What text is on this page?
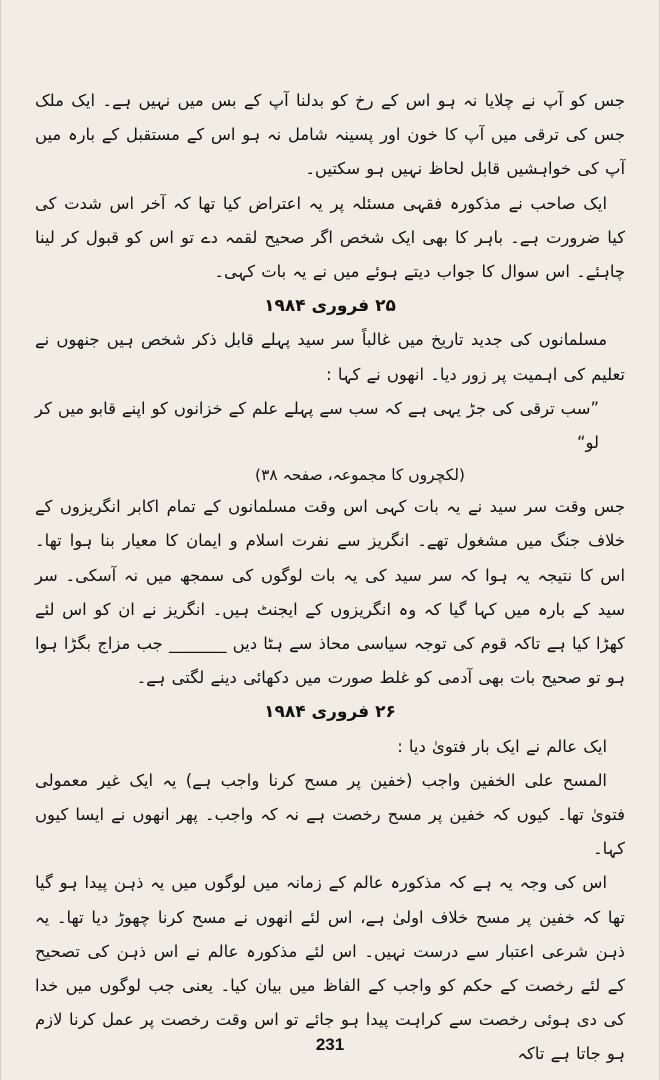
جس کو آپ نے چلایا نہ ہو اس کے رخ کو بدلنا آپ کے بس میں نہیں ہے۔ ایک ملک جس کی ترقی میں آپ کا خون اور پسینہ شامل نہ ہو اس کے مستقبل کے بارہ میں آپ کی خواہشیں قابل لحاظ نہیں ہو سکتیں۔

ایک صاحب نے مذکورہ فقہی مسئلہ پر یہ اعتراض کیا تھا کہ آخر اس شدت کی کیا ضرورت ہے۔ باہر کا بھی ایک شخص اگر صحیح لقمہ دے تو اس کو قبول کر لینا چاہئے۔ اس سوال کا جواب دیتے ہوئے میں نے یہ بات کہی۔

۲۵ فروری ۱۹۸۴

مسلمانوں کی جدید تاریخ میں غالباً سر سید پہلے قابل ذکر شخص ہیں جنھوں نے تعلیم کی اہمیت پر زور دیا۔ انھوں نے کہا :

”سب ترقی کی جڑ یہی ہے کہ سب سے پہلے علم کے خزانوں کو اپنے قابو میں کر لو“

(لکچروں کا مجموعہ، صفحہ ۳۸)

جس وقت سر سید نے یہ بات کہی اس وقت مسلمانوں کے تمام اکابر انگریزوں کے خلاف جنگ میں مشغول تھے۔ انگریز سے نفرت اسلام و ایمان کا معیار بنا ہوا تھا۔ اس کا نتیجہ یہ ہوا کہ سر سید کی یہ بات لوگوں کی سمجھ میں نہ آسکی۔ سر سید کے بارہ میں کہا گیا کہ وہ انگریزوں کے ایجنٹ ہیں۔ انگریز نے ان کو اس لئے کھڑا کیا ہے تاکہ قوم کی توجہ سیاسی محاذ سے ہٹا دیں _______ جب مزاج بگڑا ہوا ہو تو صحیح بات بھی آدمی کو غلط صورت میں دکھائی دینے لگتی ہے۔

۲۶ فروری ۱۹۸۴

ایک عالم نے ایک بار فتویٰ دیا :

المسح علی الخفین واجب (خفین پر مسح کرنا واجب ہے) یہ ایک غیر معمولی فتویٰ تھا۔ کیوں کہ خفین پر مسح رخصت ہے نہ کہ واجب۔ پھر انھوں نے ایسا کیوں کہا۔

اس کی وجہ یہ ہے کہ مذکورہ عالم کے زمانہ میں لوگوں میں یہ ذہن پیدا ہو گیا تھا کہ خفین پر مسح خلاف اولیٰ ہے، اس لئے انھوں نے مسح کرنا چھوڑ دیا تھا۔ یہ ذہن شرعی اعتبار سے درست نہیں۔ اس لئے مذکورہ عالم نے اس ذہن کی تصحیح کے لئے رخصت کے حکم کو واجب کے الفاظ میں بیان کیا۔ یعنی جب لوگوں میں خدا کی دی ہوئی رخصت سے کراہت پیدا ہو جائے تو اس وقت رخصت پر عمل کرنا لازم ہو جاتا ہے تاکہ

231
